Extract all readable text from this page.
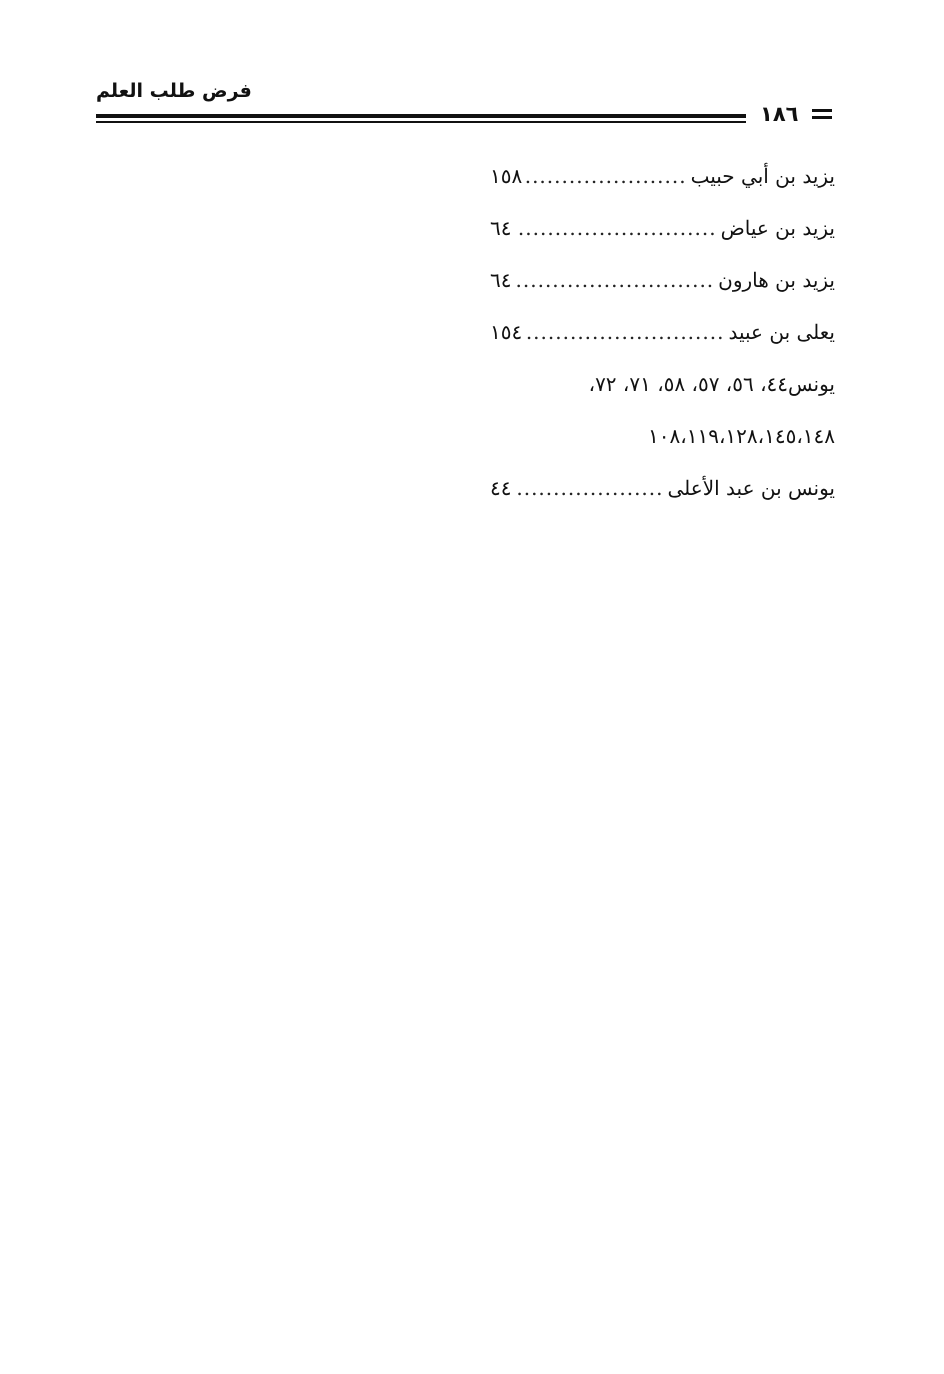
فرض طلب العلم
١٨٦
يزيد بن أبي حبيب
.....
١٥٨
يزيد بن عياض
.....
٦٤
يزيد بن هارون
.....
٦٤
يعلى بن عبيد
.....
١٥٤
يونس
٤٤، ٥٦، ٥٧، ٥٨، ٧١، ٧٢،
١٠٨،١١٩،١٢٨،١٤٥،١٤٨
يونس بن عبد الأعلى
.....
٤٤
